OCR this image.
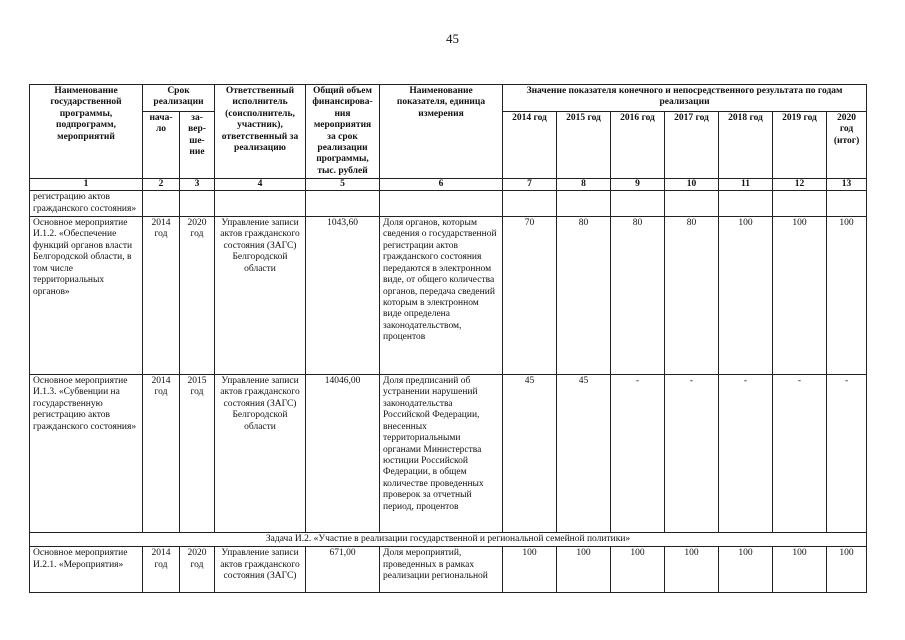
45
Наименование государственной программы, подпрограмм, мероприятий	Срок реализации		Ответственный исполнитель (соисполнитель, участник), ответственный за реализацию	Общий объем финансирова-ния мероприятия за срок реализации программы, тыс. рублей	Наименование показателя, единица измерения	Значение показателя конечного и непосредственного результата по годам реализации						
	нача-ло	за-вер-ше-ние				2014 год	2015 год	2016 год	2017 год	2018 год	2019 год	2020 год (итог)
1	2	3	4	5	6	7	8	9	10	11	12	13
регистрацию актов гражданского состояния»												
Основное мероприятие И.1.2. «Обеспечение функций органов власти Белгородской области, в том числе территориальных органов»	2014 год	2020 год	Управление записи актов гражданского состояния (ЗАГС) Белгородской области	1043,60	Доля органов, которым сведения о государственной регистрации актов гражданского состояния передаются в электронном виде, от общего количества органов, передача сведений которым в электронном виде определена законодательством, процентов	70	80	80	80	100	100	100
Основное мероприятие И.1.3. «Субвенции на государственную регистрацию актов гражданского состояния»	2014 год	2015 год	Управление записи актов гражданского состояния (ЗАГС) Белгородской области	14046,00	Доля предписаний об устранении нарушений законодательства Российской Федерации, внесенных территориальными органами Министерства юстиции Российской Федерации, в общем количестве проведенных проверок за отчетный период, процентов	45	45	-	-	-	-	-
Задача И.2. «Участие в реализации государственной и региональной семейной политики»												
Основное мероприятие И.2.1. «Мероприятия»	2014 год	2020 год	Управление записи актов гражданского состояния (ЗАГС)	671,00	Доля мероприятий, проведенных в рамках реализации региональной	100	100	100	100	100	100	100
